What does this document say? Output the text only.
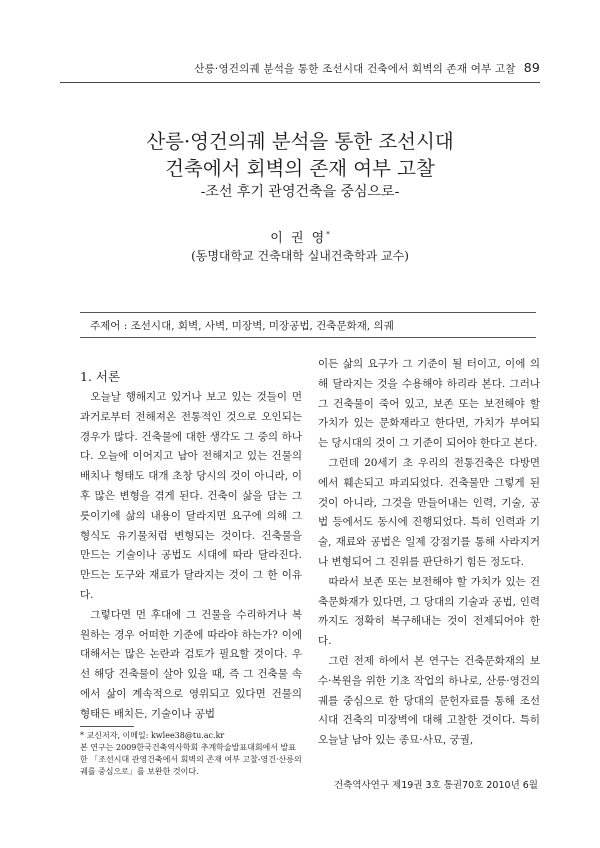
산릉·영건의궤 분석을 통한 조선시대 건축에서 회벽의 존재 여부 고찰 89
산릉·영건의궤 분석을 통한 조선시대
건축에서 회벽의 존재 여부 고찰
-조선 후기 관영건축을 중심으로-
이 권 영*
(동명대학교 건축대학 실내건축학과 교수)
주제어 : 조선시대, 회벽, 사벽, 미장벽, 미장공법, 건축문화재, 의궤
1. 서론

오늘날 행해지고 있거나 보고 있는 것들이 먼 과거로부터 전해져온 전통적인 것으로 오인되는 경우가 많다. 건축물에 대한 생각도 그 중의 하나다. 오늘에 이어지고 남아 전해지고 있는 건물의 배치나 형태도 대개 초창 당시의 것이 아니라, 이후 많은 변형을 겪게 된다. 건축이 삶을 담는 그릇이기에 삶의 내용이 달라지면 요구에 의해 그 형식도 유기물처럼 변형되는 것이다. 건축물을 만드는 기술이나 공법도 시대에 따라 달라진다. 만드는 도구와 재료가 달라지는 것이 그 한 이유다.

그렇다면 먼 후대에 그 건물을 수리하거나 복원하는 경우 어떠한 기준에 따라야 하는가? 이에 대해서는 많은 논란과 검토가 필요할 것이다. 우선 해당 건축물이 살아 있을 때, 즉 그 건축물 속에서 삶이 계속적으로 영위되고 있다면 건물의 형태든 배치든, 기술이나 공법

이든 삶의 요구가 그 기준이 될 터이고, 이에 의해 달라지는 것을 수용해야 하리라 본다. 그러나 그 건축물이 죽어 있고, 보존 또는 보전해야 할 가치가 있는 문화재라고 한다면, 가치가 부여되는 당시대의 것이 그 기준이 되어야 한다고 본다.

그런데 20세기 초 우리의 전통건축은 다방면에서 훼손되고 파괴되었다. 건축물만 그렇게 된 것이 아니라, 그것을 만들어내는 인력, 기술, 공법 등에서도 동시에 진행되었다. 특히 인력과 기술, 재료와 공법은 일제 강점기를 통해 사라지거나 변형되어 그 진위를 판단하기 힘든 정도다.

따라서 보존 또는 보전해야 할 가치가 있는 건축문화재가 있다면, 그 당대의 기술과 공법, 인력까지도 정확히 복구해내는 것이 전제되어야 한다.

그런 전제 하에서 본 연구는 건축문화재의 보수·복원을 위한 기초 작업의 하나로, 산릉·영건의궤를 중심으로 한 당대의 문헌자료를 통해 조선시대 건축의 미장벽에 대해 고찰한 것이다. 특히 오늘날 남아 있는 종묘·사묘, 궁궐,

* 교신저자, 이메일: kwlee38@tu.ac.kr
본 연구는 2009한국건축역사학회 추계학술발표대회에서 발표한 「조선시대 관영건축에서 회벽의 존재 여부 고찰-영건·산릉의궤를 중심으로」를 보완한 것이다.
건축역사연구 제19권 3호 통권70호 2010년 6월
